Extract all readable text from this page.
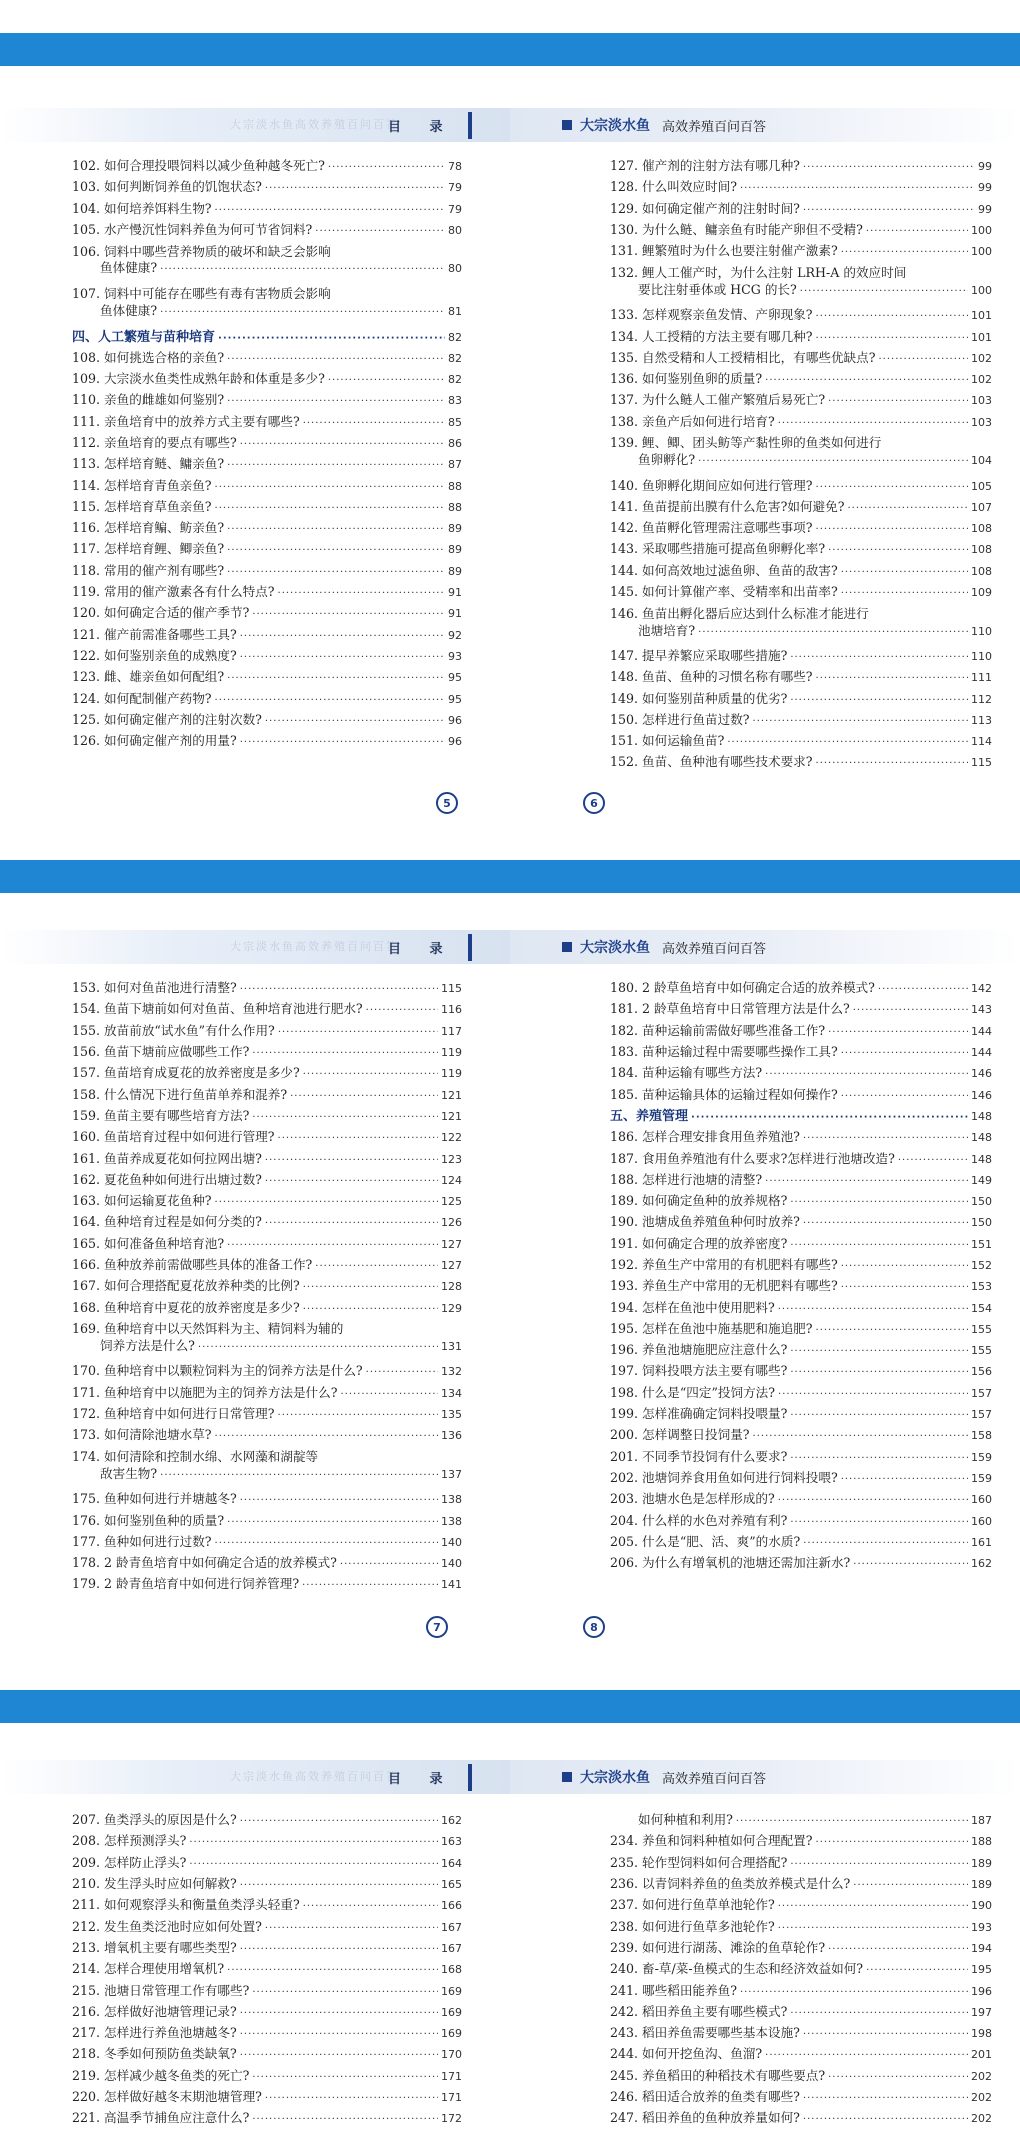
大宗淡水鱼高效养殖百问百答
目 录	大宗淡水鱼 高效养殖百问百答
102. 如何合理投喂饲料以减少鱼种越冬死亡? ·····	78
103. 如何判断饲养鱼的饥饱状态? ·····	79
104. 如何培养饵料生物? ·····	79
105. 水产慢沉性饲料养鱼为何可节省饲料? ·····	80
106. 饲料中哪些营养物质的破坏和缺乏会影响
鱼体健康? ·····	80
107. 饲料中可能存在哪些有毒有害物质会影响
鱼体健康? ·····	81
四、人工繁殖与苗种培育 ·····	82
108. 如何挑选合格的亲鱼? ·····	82
109. 大宗淡水鱼类性成熟年龄和体重是多少? ·····	82
110. 亲鱼的雌雄如何鉴别? ·····	83
111. 亲鱼培育中的放养方式主要有哪些? ·····	85
112. 亲鱼培育的要点有哪些? ·····	86
113. 怎样培育鲢、鳙亲鱼? ·····	87
114. 怎样培育青鱼亲鱼? ·····	88
115. 怎样培育草鱼亲鱼? ·····	88
116. 怎样培育鳊、鲂亲鱼? ·····	89
117. 怎样培育鲤、鲫亲鱼? ·····	89
118. 常用的催产剂有哪些? ·····	89
119. 常用的催产激素各有什么特点? ·····	91
120. 如何确定合适的催产季节? ·····	91
121. 催产前需准备哪些工具? ·····	92
122. 如何鉴别亲鱼的成熟度? ·····	93
123. 雌、雄亲鱼如何配组? ·····	95
124. 如何配制催产药物? ·····	95
125. 如何确定催产剂的注射次数? ·····	96
126. 如何确定催产剂的用量? ·····	96
127. 催产剂的注射方法有哪几种? ·····	99
128. 什么叫效应时间? ·····	99
129. 如何确定催产剂的注射时间? ·····	99
130. 为什么鲢、鳙亲鱼有时能产卵但不受精? ·····	100
131. 鲤繁殖时为什么也要注射催产激素? ·····	100
132. 鲤人工催产时，为什么注射 LRH-A 的效应时间
要比注射垂体或 HCG 的长? ·····	100
133. 怎样观察亲鱼发情、产卵现象? ·····	101
134. 人工授精的方法主要有哪几种? ·····	101
135. 自然受精和人工授精相比，有哪些优缺点? ·····	102
136. 如何鉴别鱼卵的质量? ·····	102
137. 为什么鲢人工催产繁殖后易死亡? ·····	103
138. 亲鱼产后如何进行培育? ·····	103
139. 鲤、鲫、团头鲂等产黏性卵的鱼类如何进行
鱼卵孵化? ·····	104
140. 鱼卵孵化期间应如何进行管理? ·····	105
141. 鱼苗提前出膜有什么危害?如何避免? ·····	107
142. 鱼苗孵化管理需注意哪些事项? ·····	108
143. 采取哪些措施可提高鱼卵孵化率? ·····	108
144. 如何高效地过滤鱼卵、鱼苗的敌害? ·····	108
145. 如何计算催产率、受精率和出苗率? ·····	109
146. 鱼苗出孵化器后应达到什么标准才能进行
池塘培育? ·····	110
147. 提早养繁应采取哪些措施? ·····	110
148. 鱼苗、鱼种的习惯名称有哪些? ·····	111
149. 如何鉴别苗种质量的优劣? ·····	112
150. 怎样进行鱼苗过数? ·····	113
151. 如何运输鱼苗? ·····	114
152. 鱼苗、鱼种池有哪些技术要求? ·····	115
5	6
大宗淡水鱼高效养殖百问百答
目 录	大宗淡水鱼 高效养殖百问百答
153. 如何对鱼苗池进行清整? ·····	115
154. 鱼苗下塘前如何对鱼苗、鱼种培育池进行肥水? ·····	116
155. 放苗前放“试水鱼”有什么作用? ·····	117
156. 鱼苗下塘前应做哪些工作? ·····	119
157. 鱼苗培育成夏花的放养密度是多少? ·····	119
158. 什么情况下进行鱼苗单养和混养? ·····	121
159. 鱼苗主要有哪些培育方法? ·····	121
160. 鱼苗培育过程中如何进行管理? ·····	122
161. 鱼苗养成夏花如何拉网出塘? ·····	123
162. 夏花鱼种如何进行出塘过数? ·····	124
163. 如何运输夏花鱼种? ·····	125
164. 鱼种培育过程是如何分类的? ·····	126
165. 如何准备鱼种培育池? ·····	127
166. 鱼种放养前需做哪些具体的准备工作? ·····	127
167. 如何合理搭配夏花放养种类的比例? ·····	128
168. 鱼种培育中夏花的放养密度是多少? ·····	129
169. 鱼种培育中以天然饵料为主、精饲料为辅的
饲养方法是什么? ·····	131
170. 鱼种培育中以颗粒饲料为主的饲养方法是什么? ·····	132
171. 鱼种培育中以施肥为主的饲养方法是什么? ·····	134
172. 鱼种培育中如何进行日常管理? ·····	135
173. 如何清除池塘水草? ·····	136
174. 如何清除和控制水绵、水网藻和湖靛等
敌害生物? ·····	137
175. 鱼种如何进行并塘越冬? ·····	138
176. 如何鉴别鱼种的质量? ·····	138
177. 鱼种如何进行过数? ·····	140
178. 2 龄青鱼培育中如何确定合适的放养模式? ·····	140
179. 2 龄青鱼培育中如何进行饲养管理? ·····	141
180. 2 龄草鱼培育中如何确定合适的放养模式? ·····	142
181. 2 龄草鱼培育中日常管理方法是什么? ·····	143
182. 苗种运输前需做好哪些准备工作? ·····	144
183. 苗种运输过程中需要哪些操作工具? ·····	144
184. 苗种运输有哪些方法? ·····	146
185. 苗种运输具体的运输过程如何操作? ·····	146
五、养殖管理 ·····	148
186. 怎样合理安排食用鱼养殖池? ·····	148
187. 食用鱼养殖池有什么要求?怎样进行池塘改造? ·····	148
188. 怎样进行池塘的清整? ·····	149
189. 如何确定鱼种的放养规格? ·····	150
190. 池塘成鱼养殖鱼种何时放养? ·····	150
191. 如何确定合理的放养密度? ·····	151
192. 养鱼生产中常用的有机肥料有哪些? ·····	152
193. 养鱼生产中常用的无机肥料有哪些? ·····	153
194. 怎样在鱼池中使用肥料? ·····	154
195. 怎样在鱼池中施基肥和施追肥? ·····	155
196. 养鱼池塘施肥应注意什么? ·····	155
197. 饲料投喂方法主要有哪些? ·····	156
198. 什么是“四定”投饲方法? ·····	157
199. 怎样准确确定饲料投喂量? ·····	157
200. 怎样调整日投饲量? ·····	158
201. 不同季节投饲有什么要求? ·····	159
202. 池塘饲养食用鱼如何进行饲料投喂? ·····	159
203. 池塘水色是怎样形成的? ·····	160
204. 什么样的水色对养殖有利? ·····	160
205. 什么是“肥、活、爽”的水质? ·····	161
206. 为什么有增氧机的池塘还需加注新水? ·····	162
7	8
大宗淡水鱼高效养殖百问百答
目 录	大宗淡水鱼 高效养殖百问百答
207. 鱼类浮头的原因是什么? ·····	162
208. 怎样预测浮头? ·····	163
209. 怎样防止浮头? ·····	164
210. 发生浮头时应如何解救? ·····	165
211. 如何观察浮头和衡量鱼类浮头轻重? ·····	166
212. 发生鱼类泛池时应如何处置? ·····	167
213. 增氧机主要有哪些类型? ·····	167
214. 怎样合理使用增氧机? ·····	168
215. 池塘日常管理工作有哪些? ·····	169
216. 怎样做好池塘管理记录? ·····	169
217. 怎样进行养鱼池塘越冬? ·····	169
218. 冬季如何预防鱼类缺氧? ·····	170
219. 怎样减少越冬鱼类的死亡? ·····	171
220. 怎样做好越冬末期池塘管理? ·····	171
221. 高温季节捕鱼应注意什么? ·····	172
如何种植和利用? ·····	187
234. 养鱼和饲料种植如何合理配置? ·····	188
235. 轮作型饲料如何合理搭配? ·····	189
236. 以青饲料养鱼的鱼类放养模式是什么? ·····	189
237. 如何进行鱼草单池轮作? ·····	190
238. 如何进行鱼草多池轮作? ·····	193
239. 如何进行湖荡、滩涂的鱼草轮作? ·····	194
240. 畜-草/菜-鱼模式的生态和经济效益如何? ·····	195
241. 哪些稻田能养鱼? ·····	196
242. 稻田养鱼主要有哪些模式? ·····	197
243. 稻田养鱼需要哪些基本设施? ·····	198
244. 如何开挖鱼沟、鱼溜? ·····	201
245. 养鱼稻田的种稻技术有哪些要点? ·····	202
246. 稻田适合放养的鱼类有哪些? ·····	202
247. 稻田养鱼的鱼种放养量如何? ·····	202
